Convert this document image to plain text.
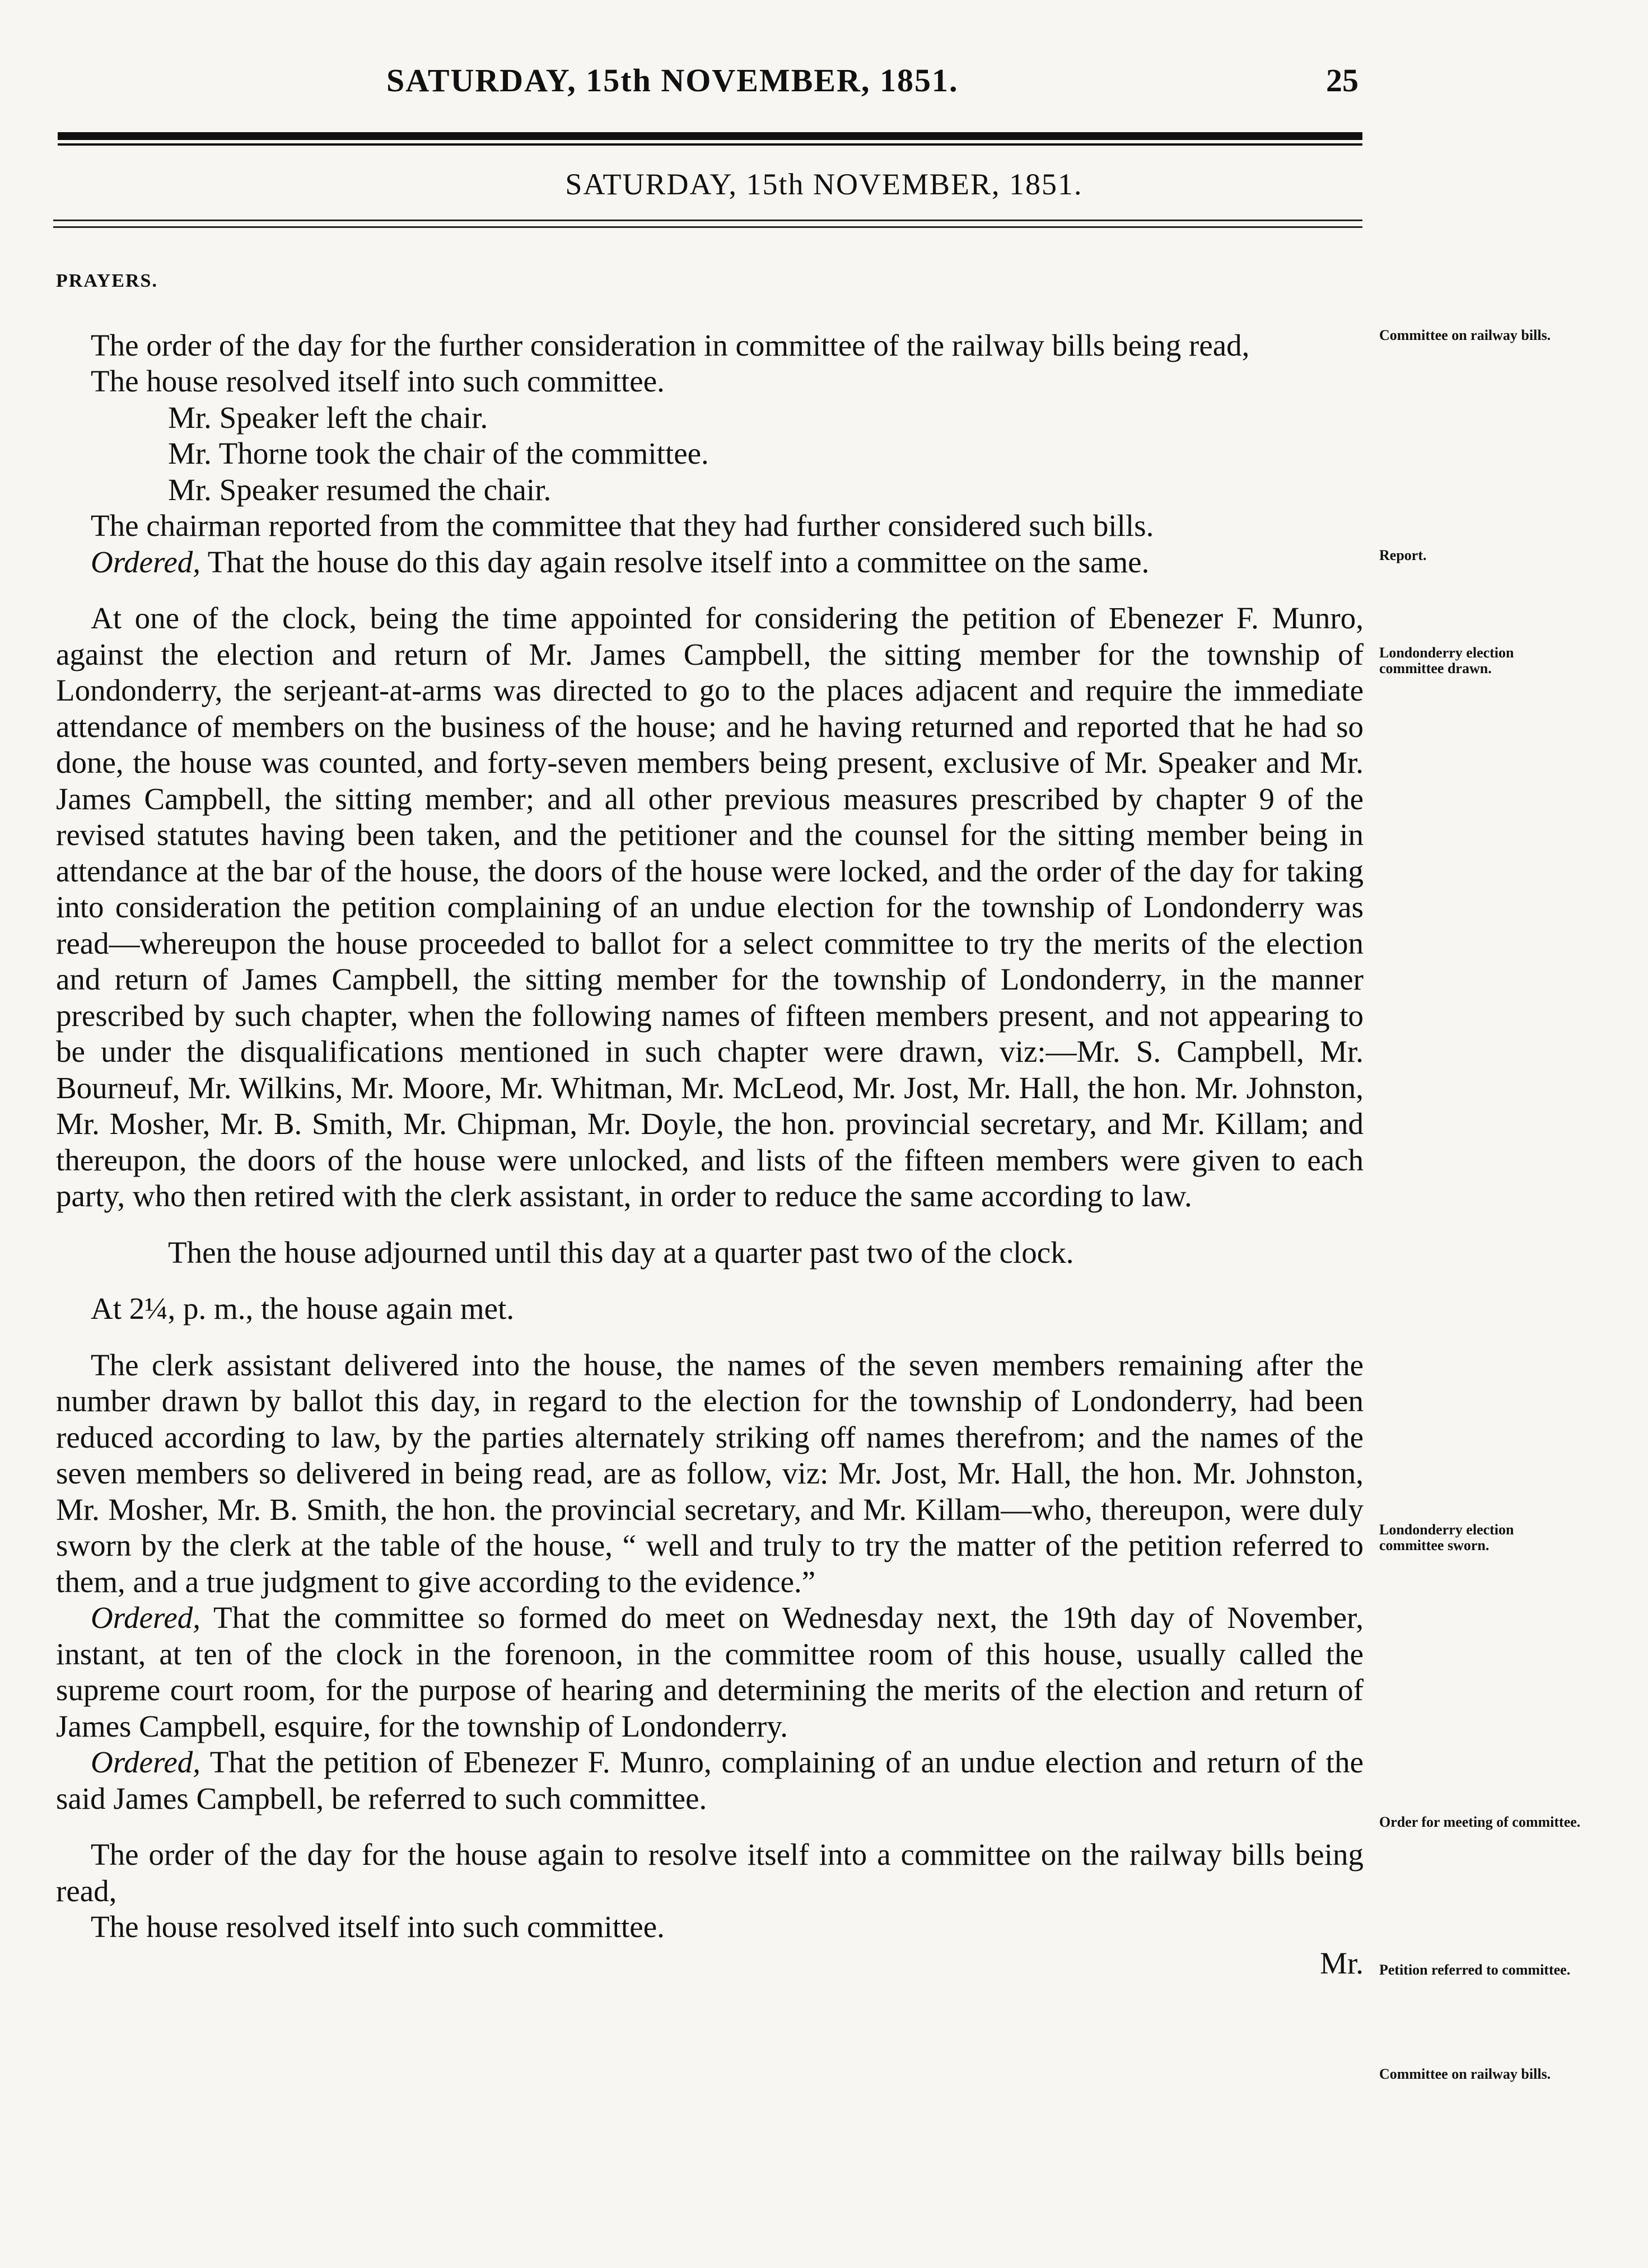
SATURDAY, 15th NOVEMBER, 1851.	25
SATURDAY, 15th NOVEMBER, 1851.

PRAYERS.

The order of the day for the further consideration in committee of the railway bills being read,

The house resolved itself into such committee.

Mr. Speaker left the chair.

Mr. Thorne took the chair of the committee.

Mr. Speaker resumed the chair.

The chairman reported from the committee that they had further considered such bills.

Ordered, That the house do this day again resolve itself into a committee on the same.

At one of the clock, being the time appointed for considering the petition of Ebenezer F. Munro, against the election and return of Mr. James Campbell, the sitting member for the township of Londonderry, the serjeant-at-arms was directed to go to the places adjacent and require the immediate attendance of members on the business of the house; and he having returned and reported that he had so done, the house was counted, and forty-seven members being present, exclusive of Mr. Speaker and Mr. James Campbell, the sitting member; and all other previous measures prescribed by chapter 9 of the revised statutes having been taken, and the petitioner and the counsel for the sitting member being in attendance at the bar of the house, the doors of the house were locked, and the order of the day for taking into consideration the petition complaining of an undue election for the township of Londonderry was read—whereupon the house proceeded to ballot for a select committee to try the merits of the election and return of James Campbell, the sitting member for the township of Londonderry, in the manner prescribed by such chapter, when the following names of fifteen members present, and not appearing to be under the disqualifications mentioned in such chapter were drawn, viz:—Mr. S. Campbell, Mr. Bourneuf, Mr. Wilkins, Mr. Moore, Mr. Whitman, Mr. McLeod, Mr. Jost, Mr. Hall, the hon. Mr. Johnston, Mr. Mosher, Mr. B. Smith, Mr. Chipman, Mr. Doyle, the hon. provincial secretary, and Mr. Killam; and thereupon, the doors of the house were unlocked, and lists of the fifteen members were given to each party, who then retired with the clerk assistant, in order to reduce the same according to law.

Then the house adjourned until this day at a quarter past two of the clock.

At 2¼, p. m., the house again met.

The clerk assistant delivered into the house, the names of the seven members remaining after the number drawn by ballot this day, in regard to the election for the township of Londonderry, had been reduced according to law, by the parties alternately striking off names therefrom; and the names of the seven members so delivered in being read, are as follow, viz: Mr. Jost, Mr. Hall, the hon. Mr. Johnston, Mr. Mosher, Mr. B. Smith, the hon. the provincial secretary, and Mr. Killam—who, thereupon, were duly sworn by the clerk at the table of the house, “ well and truly to try the matter of the petition referred to them, and a true judgment to give according to the evidence.”

Ordered, That the committee so formed do meet on Wednesday next, the 19th day of November, instant, at ten of the clock in the forenoon, in the committee room of this house, usually called the supreme court room, for the purpose of hearing and determining the merits of the election and return of James Campbell, esquire, for the township of Londonderry.

Ordered, That the petition of Ebenezer F. Munro, complaining of an undue election and return of the said James Campbell, be referred to such committee.

The order of the day for the house again to resolve itself into a committee on the railway bills being read,

The house resolved itself into such committee.

Mr.

Committee on railway bills.
Report.
Londonderry election committee drawn.
Londonderry election committee sworn.
Order for meeting of committee.
Petition referred to committee.
Committee on railway bills.
